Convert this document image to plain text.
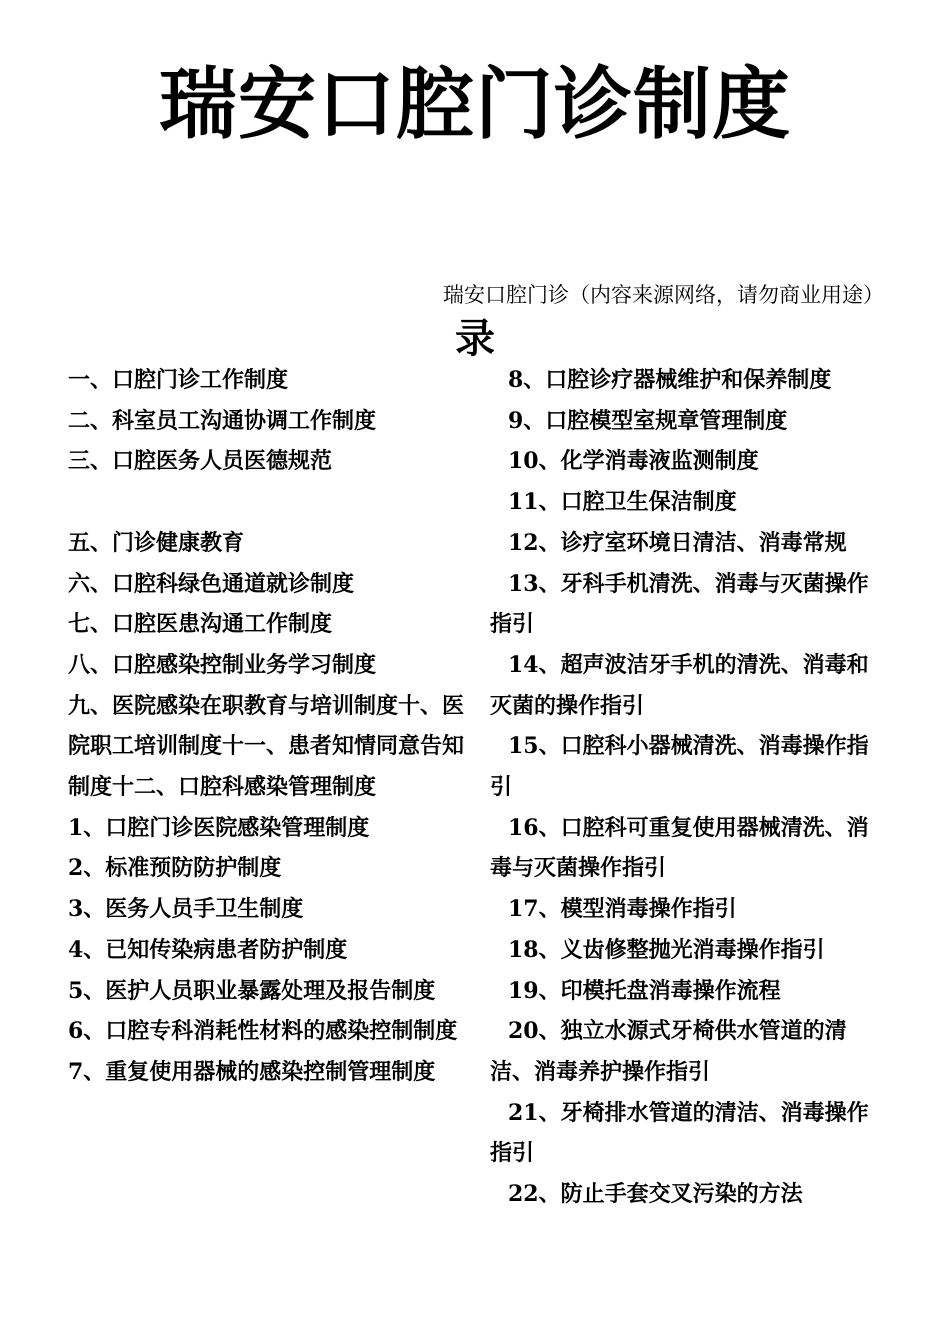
瑞安口腔门诊制度
瑞安口腔门诊（内容来源网络，请勿商业用途）
录

一、口腔门诊工作制度

二、科室员工沟通协调工作制度

三、口腔医务人员医德规范

五、门诊健康教育

六、口腔科绿色通道就诊制度

七、口腔医患沟通工作制度

八、口腔感染控制业务学习制度

九、医院感染在职教育与培训制度十、医院职工培训制度十一、患者知情同意告知制度十二、口腔科感染管理制度

1、口腔门诊医院感染管理制度

2、标准预防防护制度

3、医务人员手卫生制度

4、已知传染病患者防护制度

5、医护人员职业暴露处理及报告制度

6、口腔专科消耗性材料的感染控制制度

7、重复使用器械的感染控制管理制度

8、口腔诊疗器械维护和保养制度

9、口腔模型室规章管理制度

10、化学消毒液监测制度

11、口腔卫生保洁制度

12、诊疗室环境日清洁、消毒常规

13、牙科手机清洗、消毒与灭菌操作指引

14、超声波洁牙手机的清洗、消毒和灭菌的操作指引

15、口腔科小器械清洗、消毒操作指引

16、口腔科可重复使用器械清洗、消毒与灭菌操作指引

17、模型消毒操作指引

18、义齿修整抛光消毒操作指引

19、印模托盘消毒操作流程

20、独立水源式牙椅供水管道的清洁、消毒养护操作指引

21、牙椅排水管道的清洁、消毒操作指引

22、防止手套交叉污染的方法
